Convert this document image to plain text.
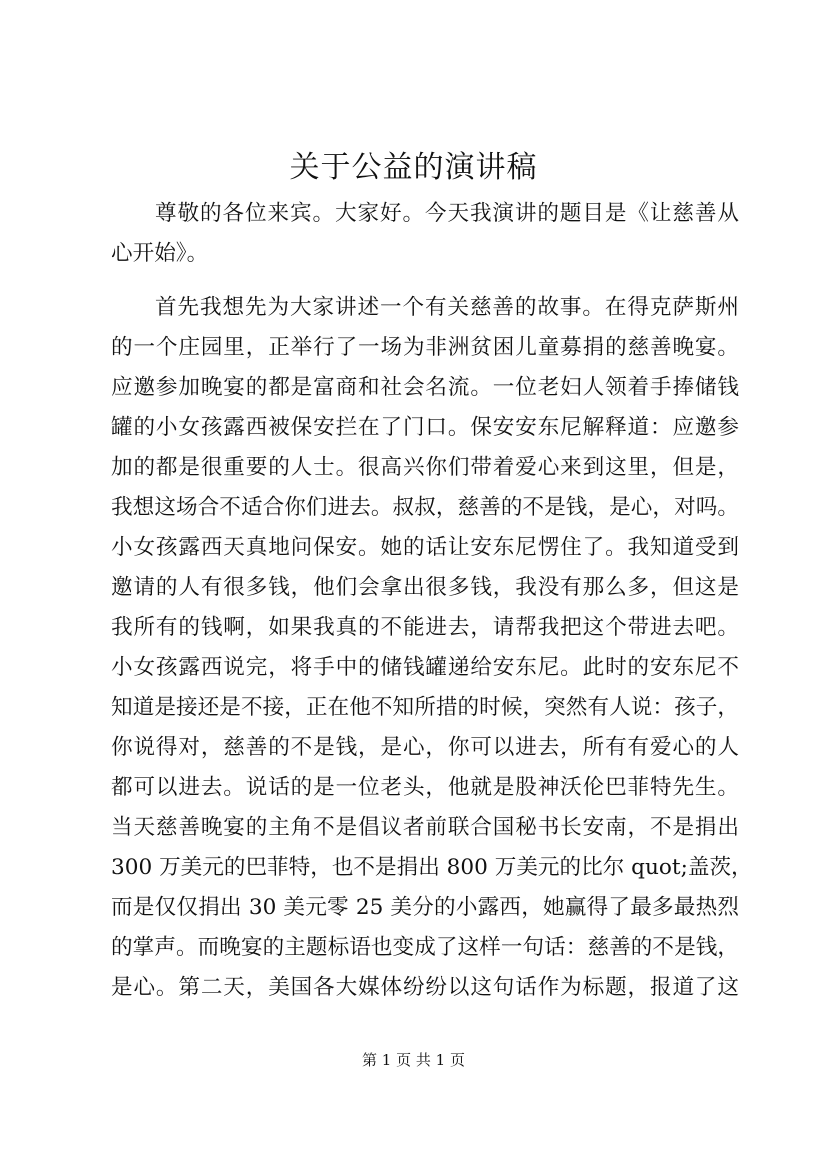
关于公益的演讲稿
尊敬的各位来宾。大家好。今天我演讲的题目是《让慈善从
心开始》。
首先我想先为大家讲述一个有关慈善的故事。在得克萨斯州
的一个庄园里，正举行了一场为非洲贫困儿童募捐的慈善晚宴。
应邀参加晚宴的都是富商和社会名流。一位老妇人领着手捧储钱
罐的小女孩露西被保安拦在了门口。保安安东尼解释道：应邀参
加的都是很重要的人士。很高兴你们带着爱心来到这里，但是，
我想这场合不适合你们进去。叔叔，慈善的不是钱，是心，对吗。
小女孩露西天真地问保安。她的话让安东尼愣住了。我知道受到
邀请的人有很多钱，他们会拿出很多钱，我没有那么多，但这是
我所有的钱啊，如果我真的不能进去，请帮我把这个带进去吧。
小女孩露西说完，将手中的储钱罐递给安东尼。此时的安东尼不
知道是接还是不接，正在他不知所措的时候，突然有人说：孩子，
你说得对，慈善的不是钱，是心，你可以进去，所有有爱心的人
都可以进去。说话的是一位老头，他就是股神沃伦巴菲特先生。
当天慈善晚宴的主角不是倡议者前联合国秘书长安南，不是捐出
300 万美元的巴菲特，也不是捐出 800 万美元的比尔 quot;盖茨，
而是仅仅捐出 30 美元零 25 美分的小露西，她赢得了最多最热烈
的掌声。而晚宴的主题标语也变成了这样一句话：慈善的不是钱，
是心。第二天，美国各大媒体纷纷以这句话作为标题，报道了这
第 1 页 共 1 页
